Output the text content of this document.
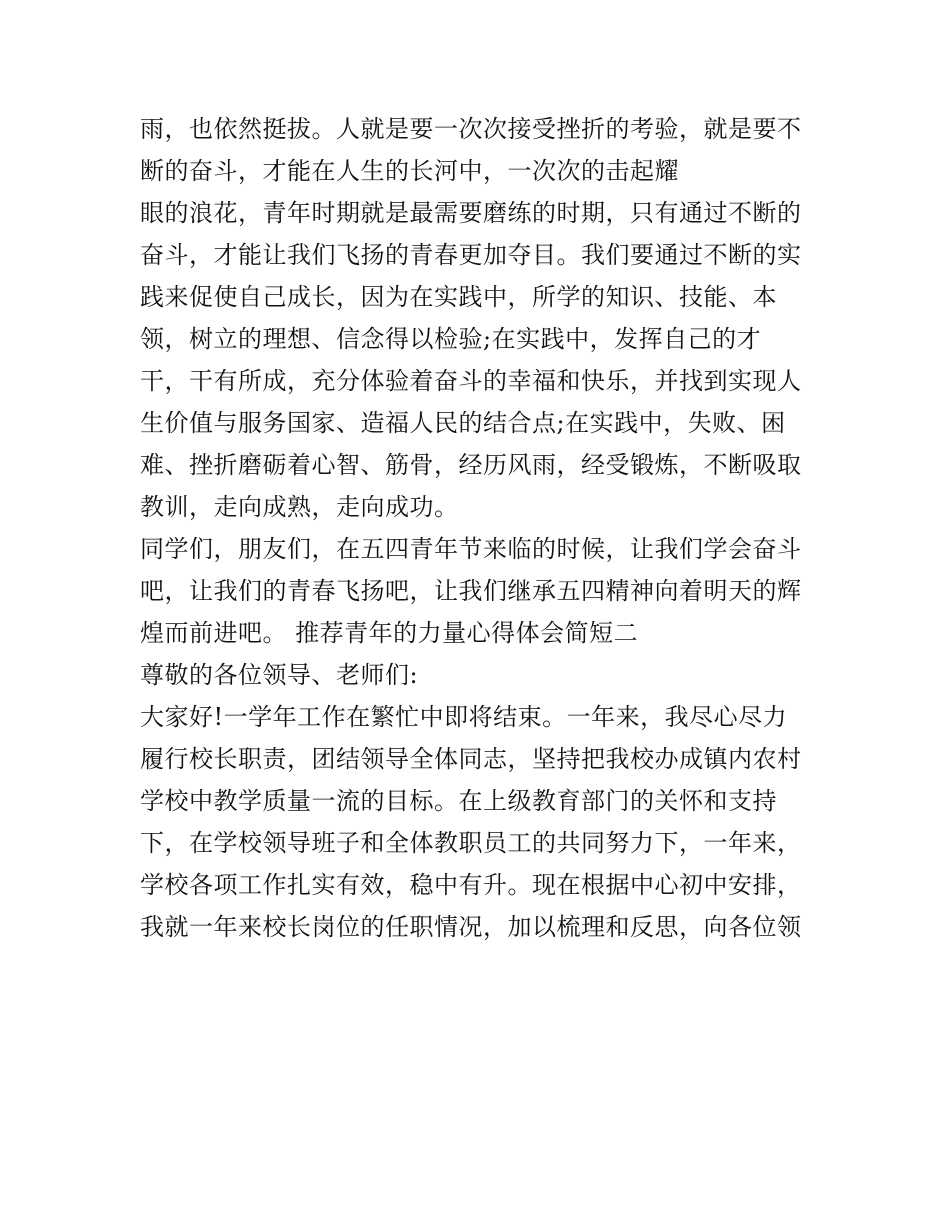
雨，也依然挺拔。人就是要一次次接受挫折的考验，就是要不
断的奋斗，才能在人生的长河中，一次次的击起耀
眼的浪花，青年时期就是最需要磨练的时期，只有通过不断的
奋斗，才能让我们飞扬的青春更加夺目。我们要通过不断的实
践来促使自己成长，因为在实践中，所学的知识、技能、本
领，树立的理想、信念得以检验;在实践中，发挥自己的才
干，干有所成，充分体验着奋斗的幸福和快乐，并找到实现人
生价值与服务国家、造福人民的结合点;在实践中，失败、困
难、挫折磨砺着心智、筋骨，经历风雨，经受锻炼，不断吸取
教训，走向成熟，走向成功。
同学们，朋友们，在五四青年节来临的时候，让我们学会奋斗
吧，让我们的青春飞扬吧，让我们继承五四精神向着明天的辉
煌而前进吧。 推荐青年的力量心得体会简短二
尊敬的各位领导、老师们:
大家好!一学年工作在繁忙中即将结束。一年来，我尽心尽力
履行校长职责，团结领导全体同志，坚持把我校办成镇内农村
学校中教学质量一流的目标。在上级教育部门的关怀和支持
下，在学校领导班子和全体教职员工的共同努力下，一年来，
学校各项工作扎实有效，稳中有升。现在根据中心初中安排，
我就一年来校长岗位的任职情况，加以梳理和反思，向各位领
